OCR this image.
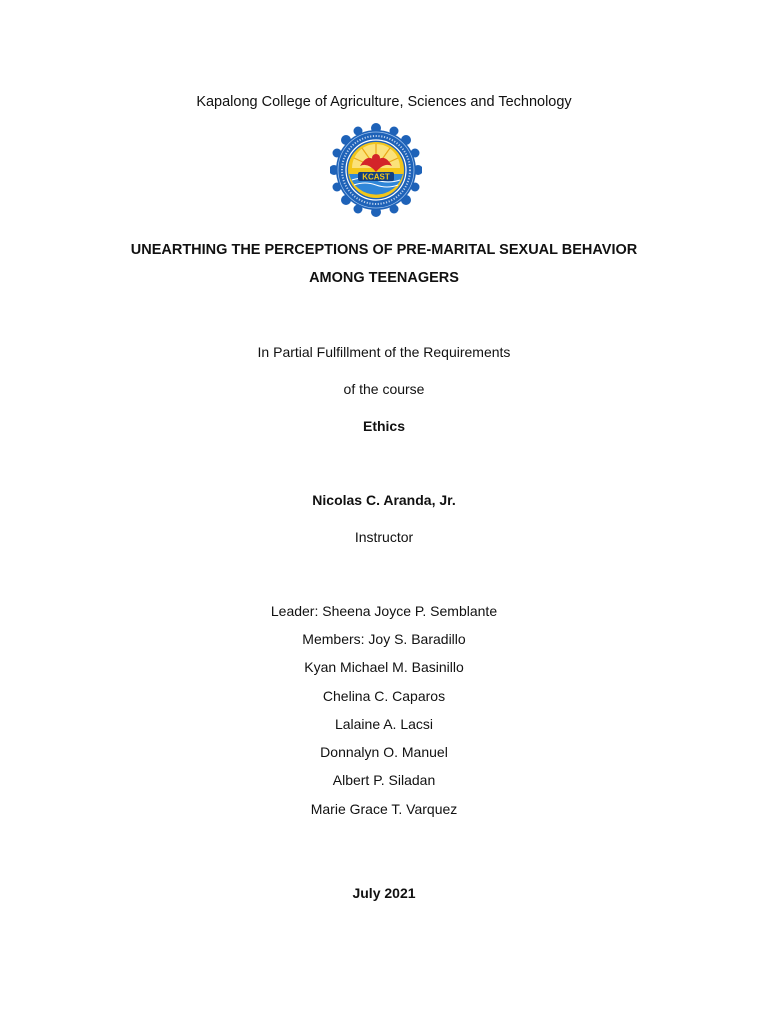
Kapalong College of Agriculture, Sciences and Technology
KCAST
UNEARTHING THE PERCEPTIONS OF PRE-MARITAL SEXUAL BEHAVIOR
AMONG TEENAGERS
In Partial Fulfillment of the Requirements
of the course
Ethics
Nicolas C. Aranda, Jr.
Instructor
Leader: Sheena Joyce P. Semblante
Members: Joy S. Baradillo
Kyan Michael M. Basinillo
Chelina C. Caparos
Lalaine A. Lacsi
Donnalyn O. Manuel
Albert P. Siladan
Marie Grace T. Varquez
July 2021
